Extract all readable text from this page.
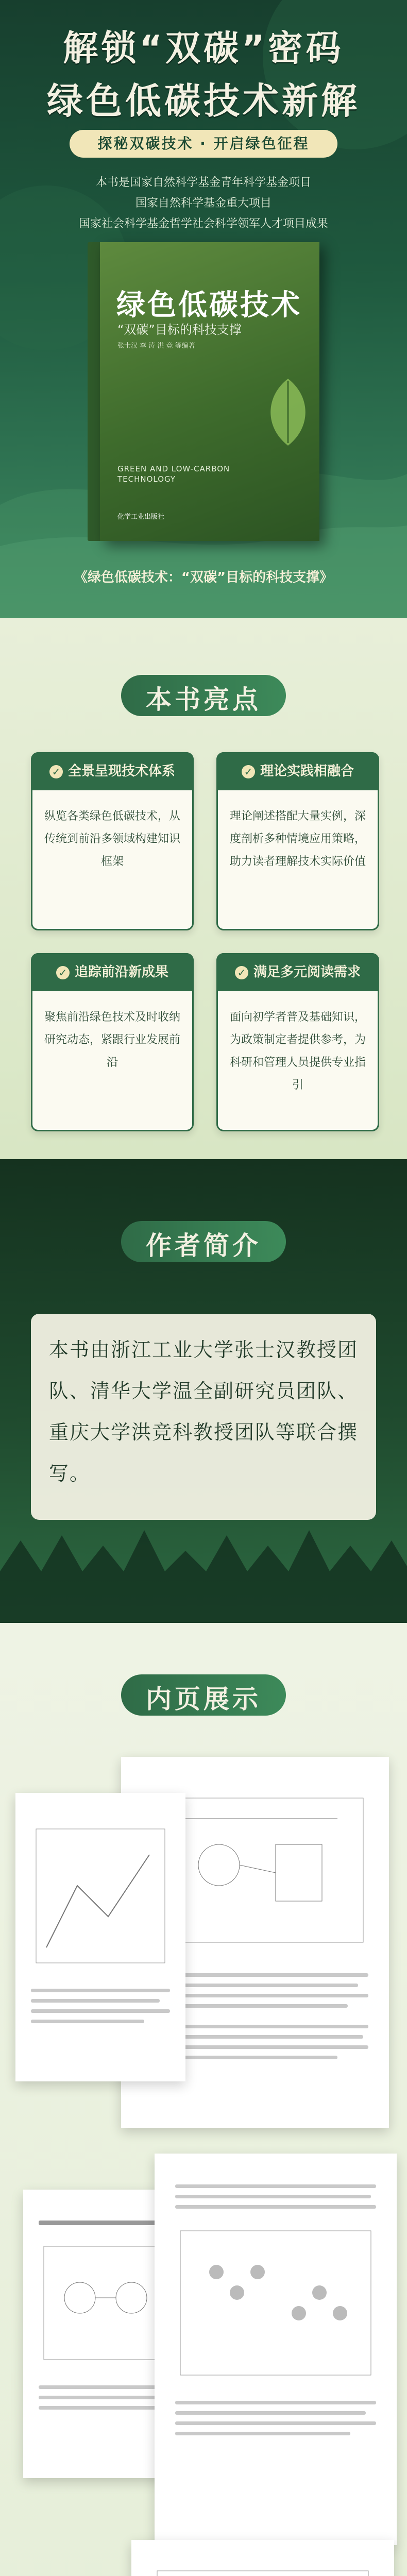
解锁“双碳”密码
绿色低碳技术新解
探秘双碳技术 · 开启绿色征程
本书是国家自然科学基金青年科学基金项目
国家自然科学基金重大项目
国家社会科学基金哲学社会科学领军人才项目成果
绿色低碳技术
“双碳”目标的科技支撑
张士汉 李 涛 洪 竞 等编著
GREEN AND LOW-CARBON
TECHNOLOGY
化学工业出版社
《绿色低碳技术：“双碳”目标的科技支撑》
本书亮点
✓ 全景呈现技术体系
纵览各类绿色低碳技术，从传统到前沿多领域构建知识框架
✓ 理论实践相融合
理论阐述搭配大量实例，深度剖析多种情境应用策略，助力读者理解技术实际价值
✓ 追踪前沿新成果
聚焦前沿绿色技术及时收纳研究动态，紧跟行业发展前沿
✓ 满足多元阅读需求
面向初学者普及基础知识，为政策制定者提供参考，为科研和管理人员提供专业指引
作者简介
本书由浙江工业大学张士汉教授团队、清华大学温全副研究员团队、重庆大学洪竞科教授团队等联合撰写。
内页展示
